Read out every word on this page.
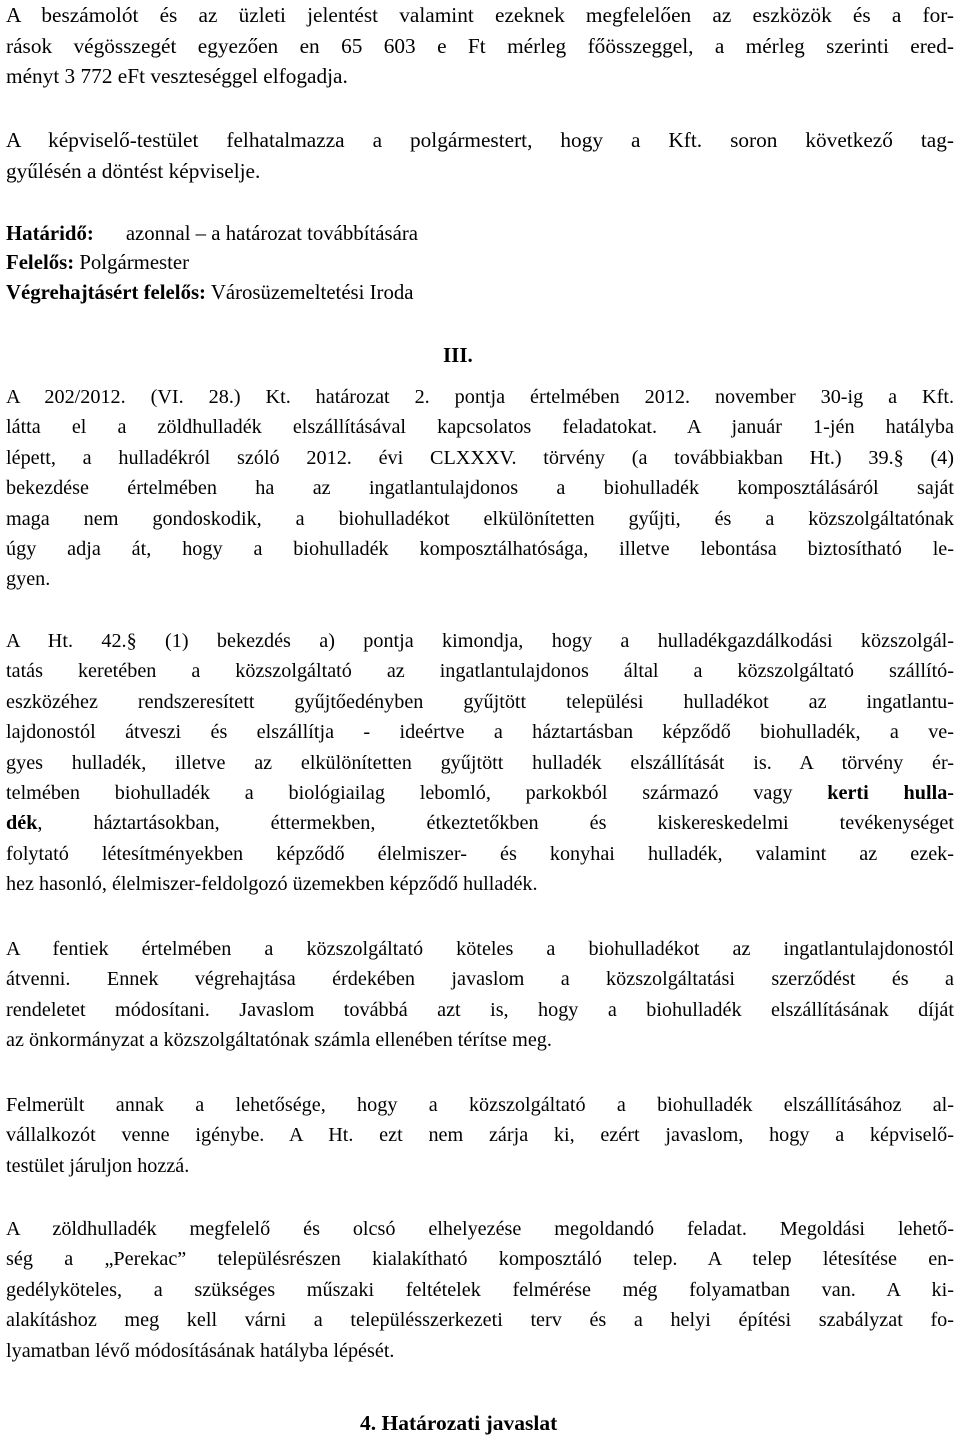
A beszámolót és az üzleti jelentést valamint ezeknek megfelelően az eszközök és a for-
rások végösszegét egyezően en 65 603 e Ft mérleg főösszeggel, a mérleg szerinti ered-
ményt 3 772 eFt veszteséggel elfogadja.
A képviselő-testület felhatalmazza a polgármestert, hogy a Kft. soron következő tag-
gyűlésén a döntést képviselje.
Határidő: azonnal – a határozat továbbítására
Felelős: Polgármester
Végrehajtásért felelős: Városüzemeltetési Iroda
III.
A 202/2012. (VI. 28.) Kt. határozat 2. pontja értelmében 2012. november 30-ig a Kft.
látta el a zöldhulladék elszállításával kapcsolatos feladatokat. A január 1-jén hatályba
lépett, a hulladékról szóló 2012. évi CLXXXV. törvény (a továbbiakban Ht.) 39.§ (4)
bekezdése értelmében ha az ingatlantulajdonos a biohulladék komposztálásáról saját
maga nem gondoskodik, a biohulladékot elkülönítetten gyűjti, és a közszolgáltatónak
úgy adja át, hogy a biohulladék komposztálhatósága, illetve lebontása biztosítható le-
gyen.
A Ht. 42.§ (1) bekezdés a) pontja kimondja, hogy a hulladékgazdálkodási közszolgál-
tatás keretében a közszolgáltató az ingatlantulajdonos által a közszolgáltató szállító-
eszközéhez rendszeresített gyűjtőedényben gyűjtött települési hulladékot az ingatlantu-
lajdonostól átveszi és elszállítja - ideértve a háztartásban képződő biohulladék, a ve-
gyes hulladék, illetve az elkülönítetten gyűjtött hulladék elszállítását is. A törvény ér-
telmében biohulladék a biológiailag lebomló, parkokból származó vagy kerti hulla-
dék, háztartásokban, éttermekben, étkeztetőkben és kiskereskedelmi tevékenységet
folytató létesítményekben képződő élelmiszer- és konyhai hulladék, valamint az ezek-
hez hasonló, élelmiszer-feldolgozó üzemekben képződő hulladék.
A fentiek értelmében a közszolgáltató köteles a biohulladékot az ingatlantulajdonostól
átvenni. Ennek végrehajtása érdekében javaslom a közszolgáltatási szerződést és a
rendeletet módosítani. Javaslom továbbá azt is, hogy a biohulladék elszállításának díját
az önkormányzat a közszolgáltatónak számla ellenében térítse meg.
Felmerült annak a lehetősége, hogy a közszolgáltató a biohulladék elszállításához al-
vállalkozót venne igénybe. A Ht. ezt nem zárja ki, ezért javaslom, hogy a képviselő-
testület járuljon hozzá.
A zöldhulladék megfelelő és olcsó elhelyezése megoldandó feladat. Megoldási lehető-
ség a „Perekac” településrészen kialakítható komposztáló telep. A telep létesítése en-
gedélyköteles, a szükséges műszaki feltételek felmérése még folyamatban van. A ki-
alakításhoz meg kell várni a településszerkezeti terv és a helyi építési szabályzat fo-
lyamatban lévő módosításának hatályba lépését.
4. Határozati javaslat
